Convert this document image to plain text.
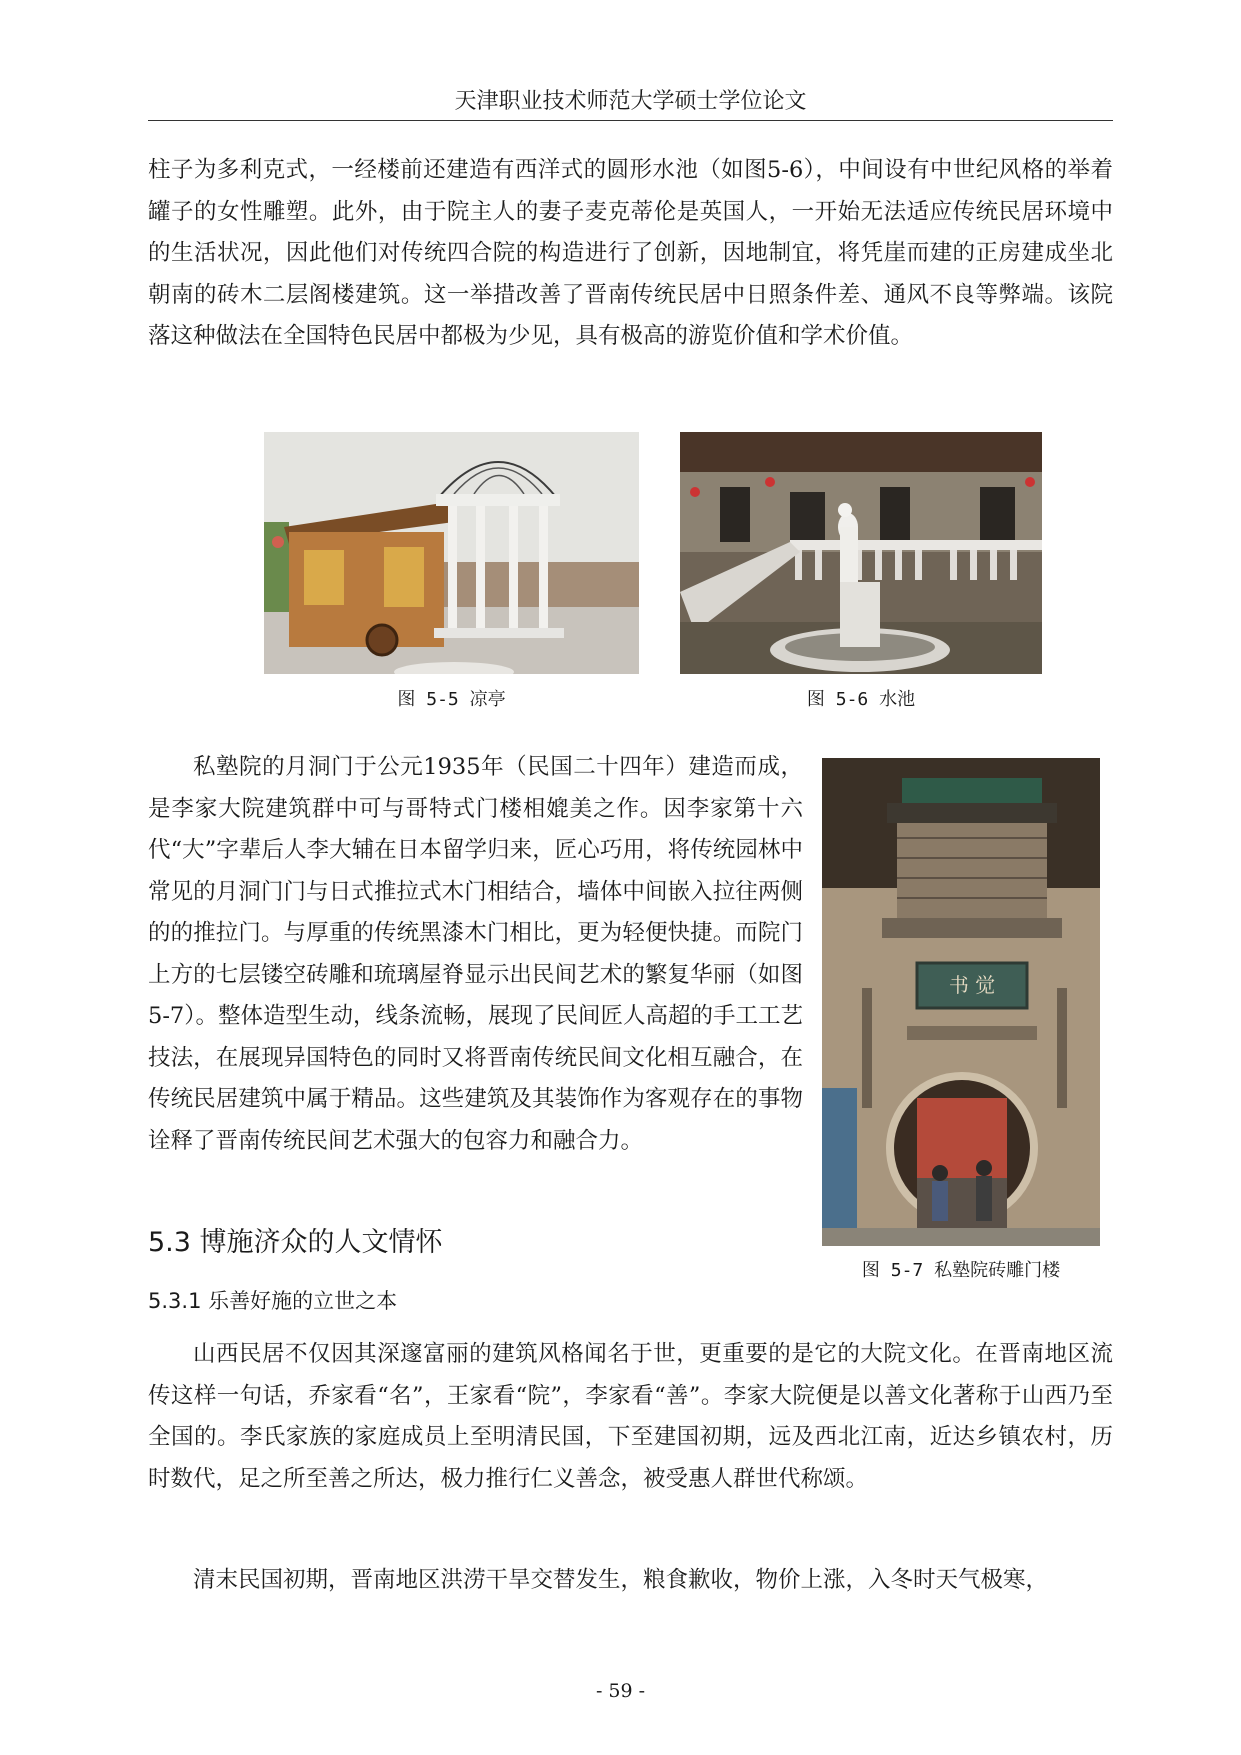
天津职业技术师范大学硕士学位论文

柱子为多利克式，一经楼前还建造有西洋式的圆形水池（如图5-6），中间设有中世纪风格的举着罐子的女性雕塑。此外，由于院主人的妻子麦克蒂伦是英国人，一开始无法适应传统民居环境中的生活状况，因此他们对传统四合院的构造进行了创新，因地制宜，将凭崖而建的正房建成坐北朝南的砖木二层阁楼建筑。这一举措改善了晋南传统民居中日照条件差、通风不良等弊端。该院落这种做法在全国特色民居中都极为少见，具有极高的游览价值和学术价值。

图 5-5 凉亭	图 5-6 水池

私塾院的月洞门于公元1935年（民国二十四年）建造而成，是李家大院建筑群中可与哥特式门楼相媲美之作。因李家第十六代“大”字辈后人李大辅在日本留学归来，匠心巧用，将传统园林中常见的月洞门门与日式推拉式木门相结合，墙体中间嵌入拉往两侧的的推拉门。与厚重的传统黑漆木门相比，更为轻便快捷。而院门上方的七层镂空砖雕和琉璃屋脊显示出民间艺术的繁复华丽（如图5-7）。整体造型生动，线条流畅，展现了民间匠人高超的手工工艺技法，在展现异国特色的同时又将晋南传统民间文化相互融合，在传统民居建筑中属于精品。这些建筑及其装饰作为客观存在的事物诠释了晋南传统民间艺术强大的包容力和融合力。

书 觉
图 5-7 私塾院砖雕门楼
5.3 博施济众的人文情怀
5.3.1 乐善好施的立世之本

山西民居不仅因其深邃富丽的建筑风格闻名于世，更重要的是它的大院文化。在晋南地区流传这样一句话，乔家看“名”，王家看“院”，李家看“善”。李家大院便是以善文化著称于山西乃至全国的。李氏家族的家庭成员上至明清民国，下至建国初期，远及西北江南，近达乡镇农村，历时数代，足之所至善之所达，极力推行仁义善念，被受惠人群世代称颂。

清末民国初期，晋南地区洪涝干旱交替发生，粮食歉收，物价上涨，入冬时天气极寒，

- 59 -
